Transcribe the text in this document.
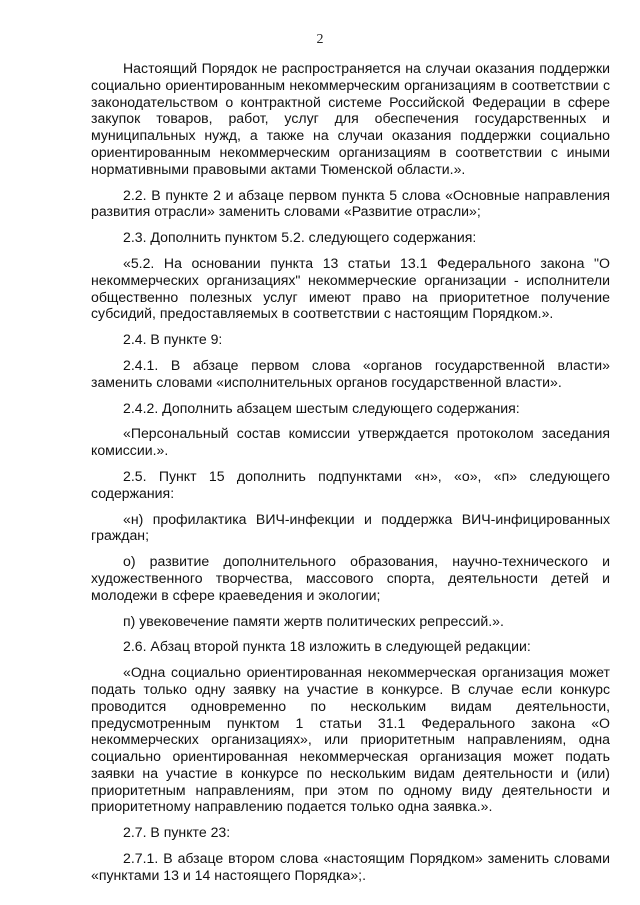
2

Настоящий Порядок не распространяется на случаи оказания поддержки социально ориентированным некоммерческим организациям в соответствии с законодательством о контрактной системе Российской Федерации в сфере закупок товаров, работ, услуг для обеспечения государственных и муниципальных нужд, а также на случаи оказания поддержки социально ориентированным некоммерческим организациям в соответствии с иными нормативными правовыми актами Тюменской области.».

2.2. В пункте 2 и абзаце первом пункта 5 слова «Основные направления развития отрасли» заменить словами «Развитие отрасли»;

2.3. Дополнить пунктом 5.2. следующего содержания:

«5.2. На основании пункта 13 статьи 13.1 Федерального закона "О некоммерческих организациях" некоммерческие организации - исполнители общественно полезных услуг имеют право на приоритетное получение субсидий, предоставляемых в соответствии с настоящим Порядком.».

2.4. В пункте 9:

2.4.1. В абзаце первом слова «органов государственной власти» заменить словами «исполнительных органов государственной власти».

2.4.2. Дополнить абзацем шестым следующего содержания:

«Персональный состав комиссии утверждается протоколом заседания комиссии.».

2.5. Пункт 15 дополнить подпунктами «н», «о», «п» следующего содержания:

«н) профилактика ВИЧ-инфекции и поддержка ВИЧ-инфицированных граждан;

о) развитие дополнительного образования, научно-технического и художественного творчества, массового спорта, деятельности детей и молодежи в сфере краеведения и экологии;

п) увековечение памяти жертв политических репрессий.».

2.6. Абзац второй пункта 18 изложить в следующей редакции:

«Одна социально ориентированная некоммерческая организация может подать только одну заявку на участие в конкурсе. В случае если конкурс проводится одновременно по нескольким видам деятельности, предусмотренным пунктом 1 статьи 31.1 Федерального закона «О некоммерческих организациях», или приоритетным направлениям, одна социально ориентированная некоммерческая организация может подать заявки на участие в конкурсе по нескольким видам деятельности и (или) приоритетным направлениям, при этом по одному виду деятельности и приоритетному направлению подается только одна заявка.».

2.7. В пункте 23:

2.7.1. В абзаце втором слова «настоящим Порядком» заменить словами «пунктами 13 и 14 настоящего Порядка»;.
